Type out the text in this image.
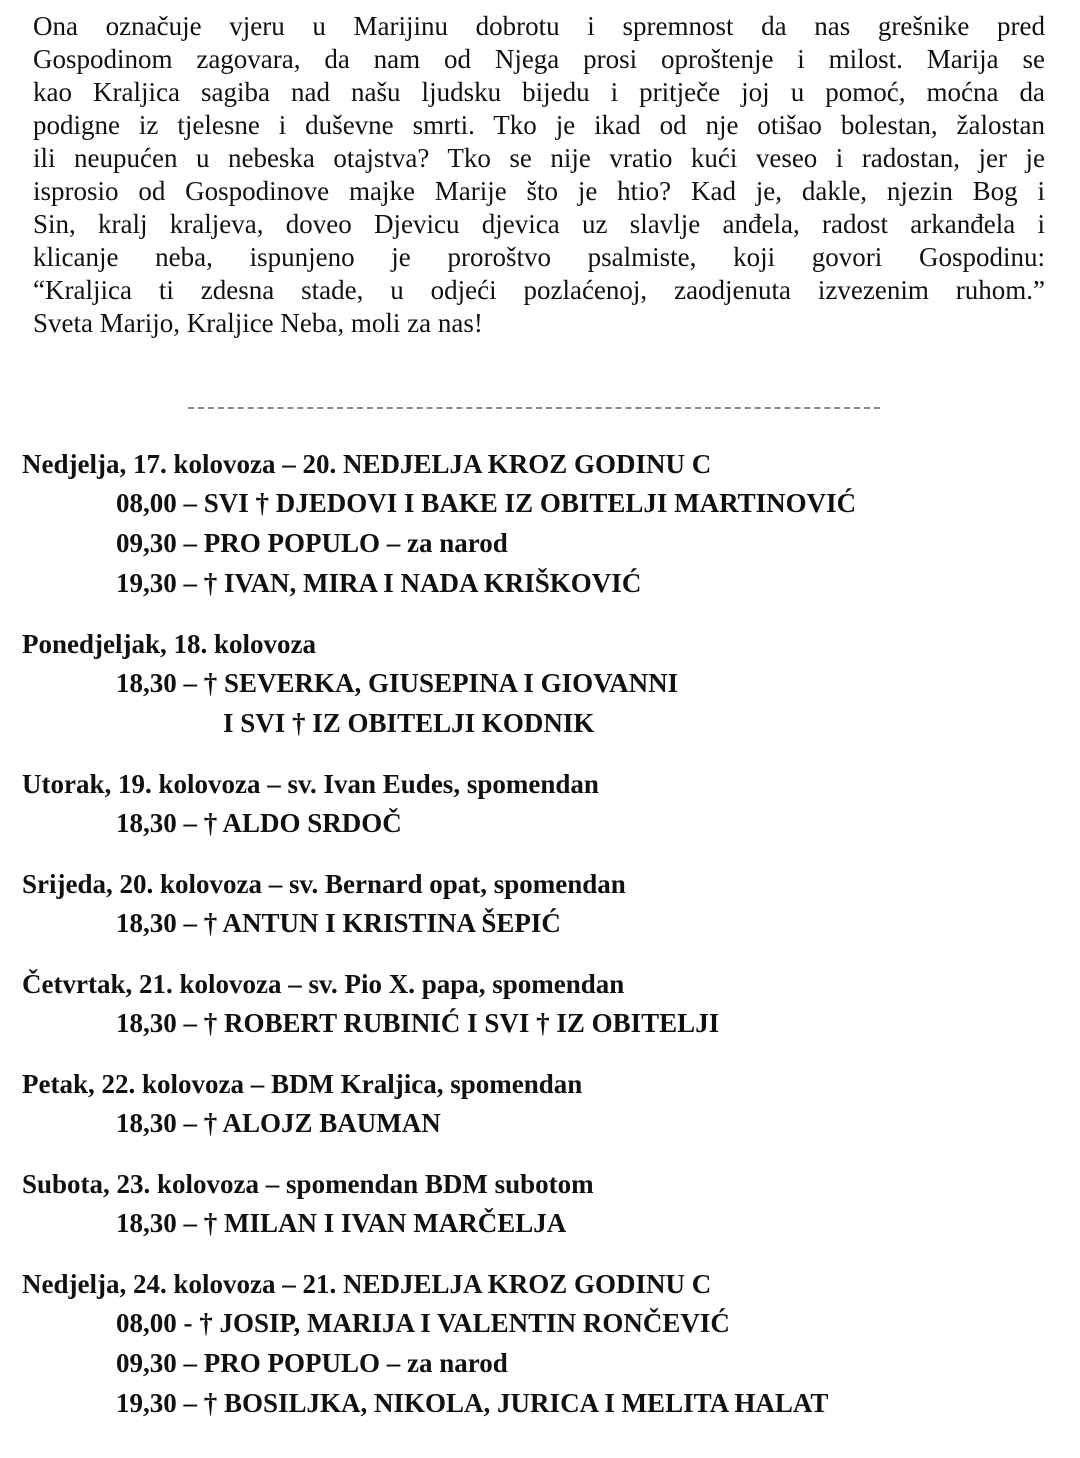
Ona označuje vjeru u Marijinu dobrotu i spremnost da nas grešnike pred
Gospodinom zagovara, da nam od Njega prosi oproštenje i milost. Marija se
kao Kraljica sagiba nad našu ljudsku bijedu i pritječe joj u pomoć, moćna da
podigne iz tjelesne i duševne smrti. Tko je ikad od nje otišao bolestan, žalostan
ili neupućen u nebeska otajstva? Tko se nije vratio kući veseo i radostan, jer je
isprosio od Gospodinove majke Marije što je htio? Kad je, dakle, njezin Bog i
Sin, kralj kraljeva, doveo Djevicu djevica uz slavlje anđela, radost arkanđela i
klicanje neba, ispunjeno je proroštvo psalmiste, koji govori Gospodinu:
“Kraljica ti zdesna stade, u odjeći pozlaćenoj, zaodjenuta izvezenim ruhom.”
Sveta Marijo, Kraljice Neba, moli za nas!
Nedjelja, 17. kolovoza – 20. NEDJELJA KROZ GODINU C
08,00 – SVI † DJEDOVI I BAKE IZ OBITELJI MARTINOVIĆ
09,30 – PRO POPULO – za narod
19,30 – † IVAN, MIRA I NADA KRIŠKOVIĆ
Ponedjeljak, 18. kolovoza
18,30 – † SEVERKA, GIUSEPINA I GIOVANNI
I SVI † IZ OBITELJI KODNIK
Utorak, 19. kolovoza – sv. Ivan Eudes, spomendan
18,30 – † ALDO SRDOČ
Srijeda, 20. kolovoza – sv. Bernard opat, spomendan
18,30 – † ANTUN I KRISTINA ŠEPIĆ
Četvrtak, 21. kolovoza – sv. Pio X. papa, spomendan
18,30 – † ROBERT RUBINIĆ I SVI † IZ OBITELJI
Petak, 22. kolovoza – BDM Kraljica, spomendan
18,30 – † ALOJZ BAUMAN
Subota, 23. kolovoza – spomendan BDM subotom
18,30 – † MILAN I IVAN MARČELJA
Nedjelja, 24. kolovoza – 21. NEDJELJA KROZ GODINU C
08,00 - † JOSIP, MARIJA I VALENTIN RONČEVIĆ
09,30 – PRO POPULO – za narod
19,30 – † BOSILJKA, NIKOLA, JURICA I MELITA HALAT
